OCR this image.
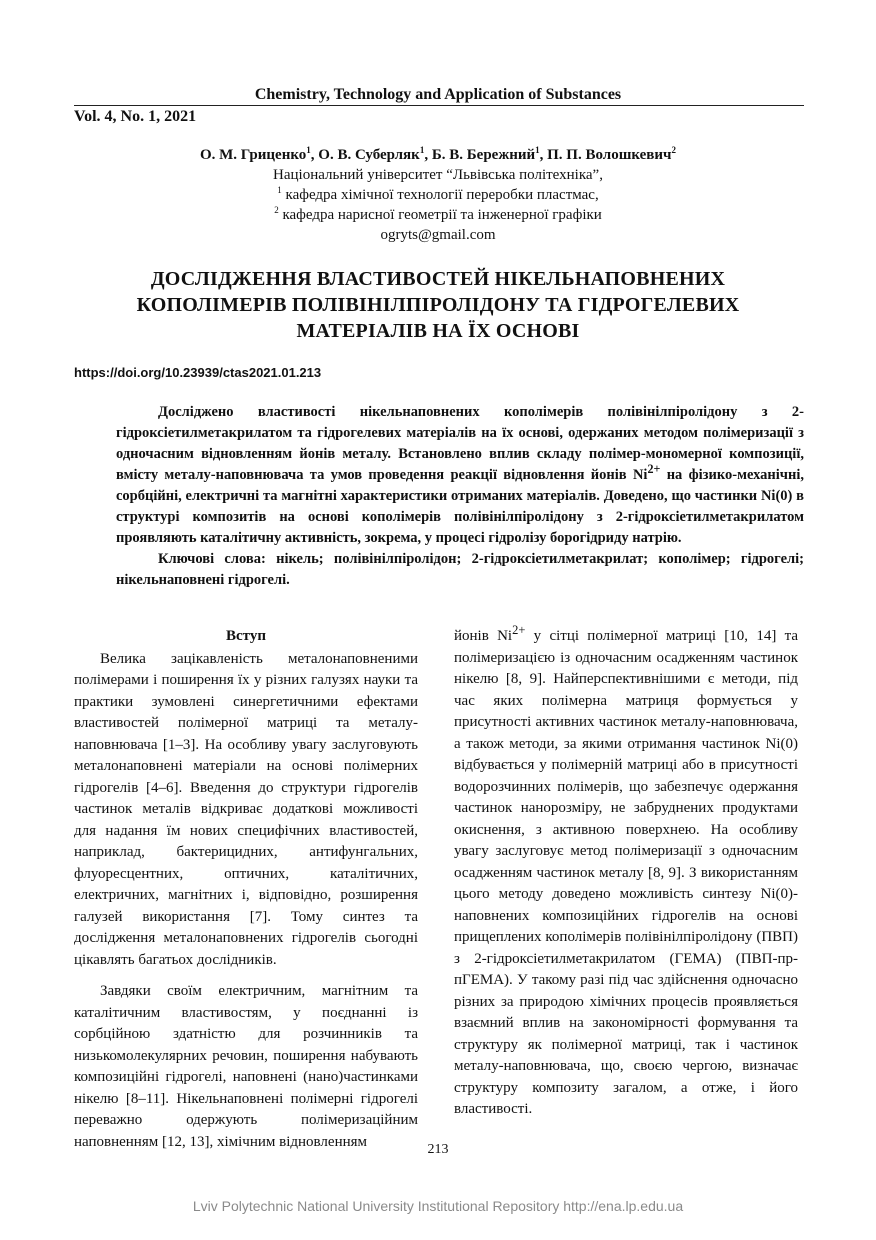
Chemistry, Technology and Application of Substances
Vol. 4, No. 1, 2021
О. М. Гриценко$^1$, О. В. Суберляк$^1$, Б. В. Бережний$^1$, П. П. Волошкевич$^2$
Національний університет “Львівська політехніка”,
$^1$ кафедра хімічної технології переробки пластмас,
$^2$ кафедра нарисної геометрії та інженерної графіки
ogryts@gmail.com
ДОСЛІДЖЕННЯ ВЛАСТИВОСТЕЙ НІКЕЛЬНАПОВНЕНИХ
КОПОЛІМЕРІВ ПОЛІВІНІЛПІРОЛІДОНУ ТА ГІДРОГЕЛЕВИХ
МАТЕРІАЛІВ НА ЇХ ОСНОВІ
https://doi.org/10.23939/ctas2021.01.213

Досліджено властивості нікельнаповнених кополімерів полівінілпіролідону з 2-гідроксіетилметакрилатом та гідрогелевих матеріалів на їх основі, одержаних методом полімеризації з одночасним відновленням йонів металу. Встановлено вплив складу полімер-мономерної композиції, вмісту металу-наповнювача та умов проведення реакції відновлення йонів $Ni^{2+}$ на фізико-механічні, сорбційні, електричні та магнітні характеристики отриманих матеріалів. Доведено, що частинки Ni(0) в структурі композитів на основі кополімерів полівінілпіролідону з 2-гідроксіетилметакрилатом проявляють каталітичну активність, зокрема, у процесі гідролізу борогідриду натрію.

Ключові слова: нікель; полівінілпіролідон; 2-гідроксіетилметакрилат; кополімер; гідрогелі; нікельнаповнені гідрогелі.

Вступ

Велика зацікавленість металонаповненими полімерами і поширення їх у різних галузях науки та практики зумовлені синергетичними ефектами властивостей полімерної матриці та металу-наповнювача [1–3]. На особливу увагу заслуговують металонаповнені матеріали на основі полімерних гідрогелів [4–6]. Введення до структури гідрогелів частинок металів відкриває додаткові можливості для надання їм нових специфічних властивостей, наприклад, бактерицидних, антифунгальних, флуоресцентних, оптичних, каталітичних, електричних, магнітних і, відповідно, розширення галузей використання [7]. Тому синтез та дослідження металонаповнених гідрогелів сьогодні цікавлять багатьох дослідників.

Завдяки своїм електричним, магнітним та каталітичним властивостям, у поєднанні із сорбційною здатністю для розчинників та низькомолекулярних речовин, поширення набувають композиційні гідрогелі, наповнені (нано)частинками нікелю [8–11]. Нікельнаповнені полімерні гідрогелі переважно одержують полімеризаційним наповненням [12, 13], хімічним відновленням

йонів $Ni^{2+}$ у сітці полімерної матриці [10, 14] та полімеризацією із одночасним осадженням частинок нікелю [8, 9]. Найперспективнішими є методи, під час яких полімерна матриця формується у присутності активних частинок металу-наповнювача, а також методи, за якими отримання частинок Ni(0) відбувається у полімерній матриці або в присутності водорозчинних полімерів, що забезпечує одержання частинок нанорозміру, не забруднених продуктами окиснення, з активною поверхнею. На особливу увагу заслуговує метод полімеризації з одночасним осадженням частинок металу [8, 9]. З використанням цього методу доведено можливість синтезу Ni(0)-наповнених композиційних гідрогелів на основі прищеплених кополімерів полівінілпіролідону (ПВП) з 2-гідроксіетилметакрилатом (ГЕМА) (ПВП-пр-пГЕМА). У такому разі під час здійснення одночасно різних за природою хімічних процесів проявляється взаємний вплив на закономірності формування та структуру як полімерної матриці, так і частинок металу-наповнювача, що, своєю чергою, визначає структуру композиту загалом, а отже, і його властивості.

213
Lviv Polytechnic National University Institutional Repository http://ena.lp.edu.ua
